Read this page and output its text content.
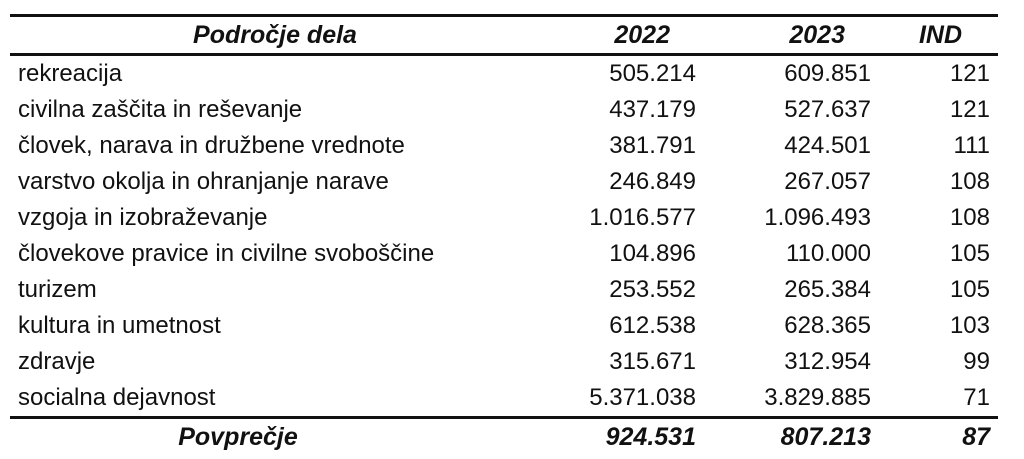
Področje dela	2022	2023	IND
rekreacija	505.214	609.851	121
civilna zaščita in reševanje	437.179	527.637	121
človek, narava in družbene vrednote	381.791	424.501	111
varstvo okolja in ohranjanje narave	246.849	267.057	108
vzgoja in izobraževanje	1.016.577	1.096.493	108
človekove pravice in civilne svoboščine	104.896	110.000	105
turizem	253.552	265.384	105
kultura in umetnost	612.538	628.365	103
zdravje	315.671	312.954	99
socialna dejavnost	5.371.038	3.829.885	71
Povprečje	924.531	807.213	87
